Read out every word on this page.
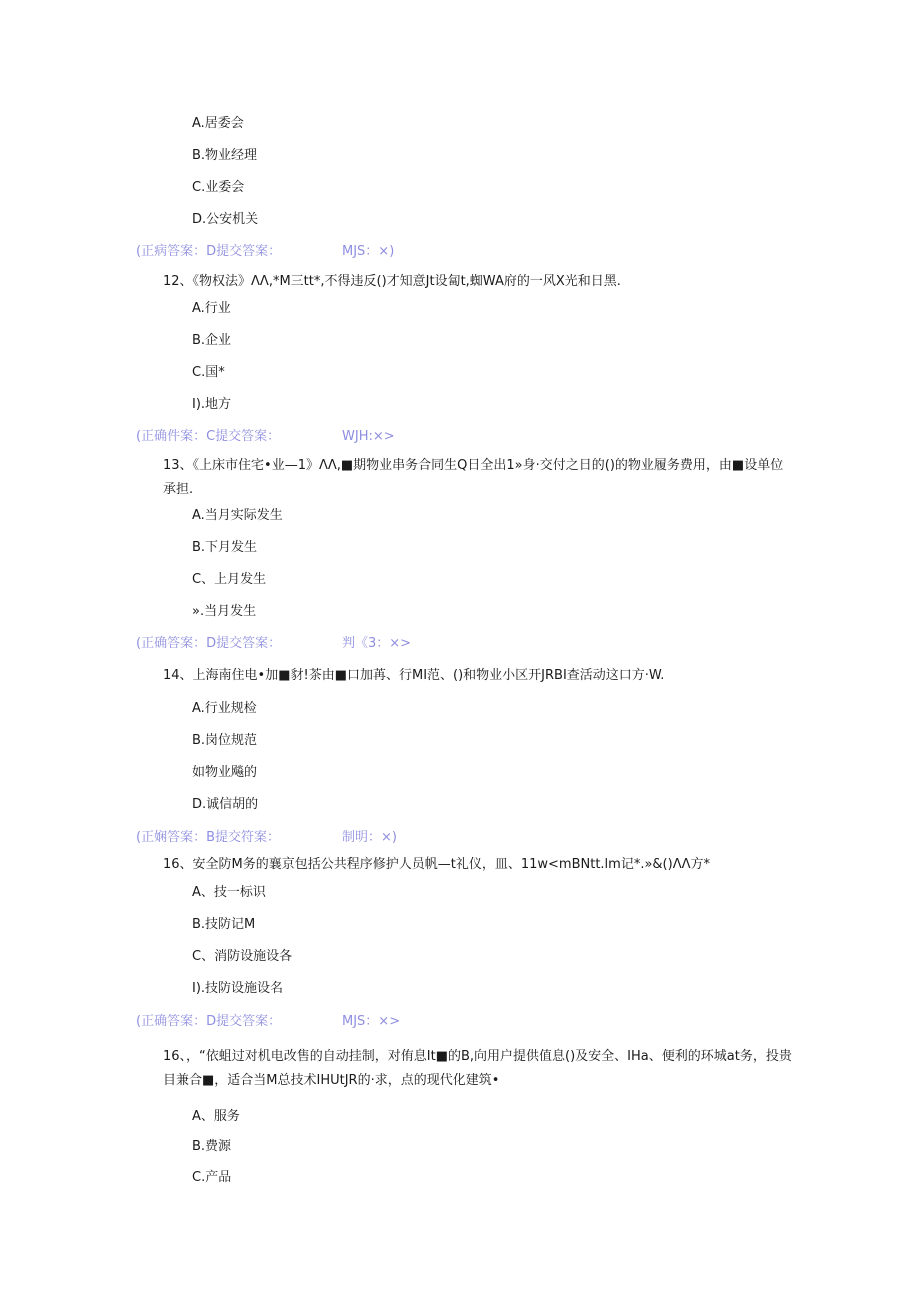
A.居委会
B.物业经理
C.业委会
D.公安机关
(正病答案：D提交答案：	MJS：×)
12、《物权法》ΛΛ,*M三tt*,不得违反()才知意Jt设匐t,蜘WA府的一风X光和日黑.
A.行业
B.企业
C.国*
I).地方
(正确件案：C提交答案：	WJH:×>
13、《上床市住宅•业—1》ΛΛ,■期物业串务合同生Q日全出1»身·交付之日的()的物业履务费用，由■设单位承担.
A.当月实际发生
B.下月发生
C、上月发生
».当月发生
(正确答案：D提交答案：	判《3：×>
14、上海南住电•加■豺!茶由■口加苒、行MI范、()和物业小区开JRBI查活动这口方·W.
A.行业规检
B.岗位规范
如物业飚的
D.诚信胡的
(正娴答案：B提交符案：	制明：×)
16、安全防M务的襄京包括公共程序修护人员帆—t礼仪，皿、11w<mBNtt.lm记*.»&()ΛΛ方*
A、技一标识
B.技防记M
C、消防设施设各
I).技防设施设名
(正确答案：D提交答案：	MJS：×>
16、，“依蛆过对机电改售的自动挂制，对侑息It■的B,向用户提供值息()及安全、IHa、便利的环城at务，投贵目兼合■，适合当M总技术IHUtJR的·求，点的现代化建筑•
A、服务
B.费源
C.产品
